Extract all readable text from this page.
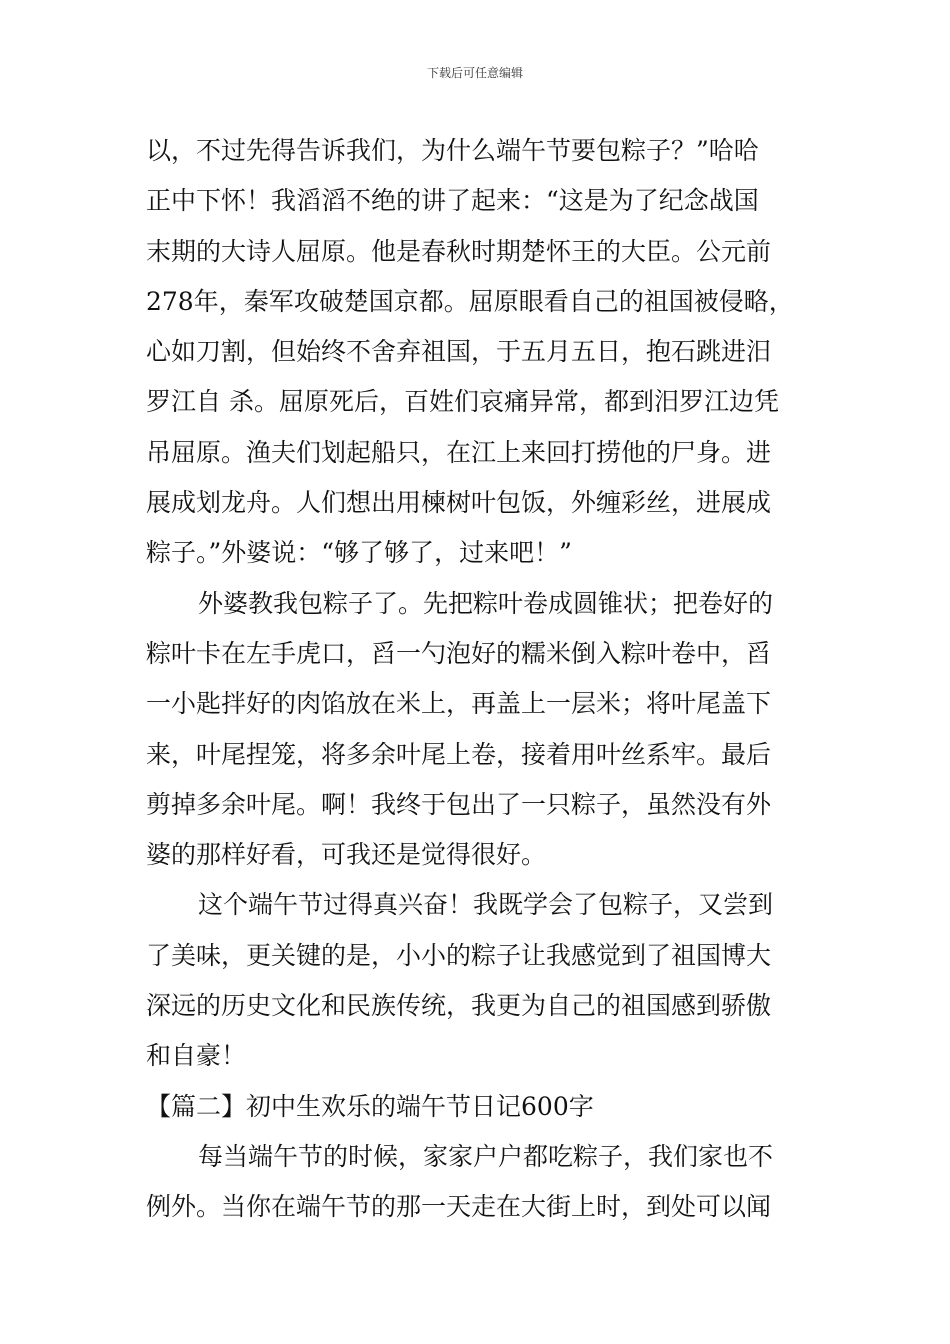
下载后可任意编辑
以，不过先得告诉我们，为什么端午节要包粽子？”哈哈
正中下怀！我滔滔不绝的讲了起来：“这是为了纪念战国
末期的大诗人屈原。他是春秋时期楚怀王的大臣。公元前
278年，秦军攻破楚国京都。屈原眼看自己的祖国被侵略，
心如刀割，但始终不舍弃祖国，于五月五日，抱石跳进汨
罗江自 杀。屈原死后，百姓们哀痛异常，都到汨罗江边凭
吊屈原。渔夫们划起船只，在江上来回打捞他的尸身。进
展成划龙舟。人们想出用楝树叶包饭，外缠彩丝，进展成
粽子。”外婆说：“够了够了，过来吧！”
外婆教我包粽子了。先把粽叶卷成圆锥状；把卷好的
粽叶卡在左手虎口，舀一勺泡好的糯米倒入粽叶卷中，舀
一小匙拌好的肉馅放在米上，再盖上一层米；将叶尾盖下
来，叶尾捏笼，将多余叶尾上卷，接着用叶丝系牢。最后
剪掉多余叶尾。啊！我终于包出了一只粽子，虽然没有外
婆的那样好看，可我还是觉得很好。
这个端午节过得真兴奋！我既学会了包粽子，又尝到
了美味，更关键的是，小小的粽子让我感觉到了祖国博大
深远的历史文化和民族传统，我更为自己的祖国感到骄傲
和自豪！
【篇二】初中生欢乐的端午节日记600字
每当端午节的时候，家家户户都吃粽子，我们家也不
例外。当你在端午节的那一天走在大街上时，到处可以闻
